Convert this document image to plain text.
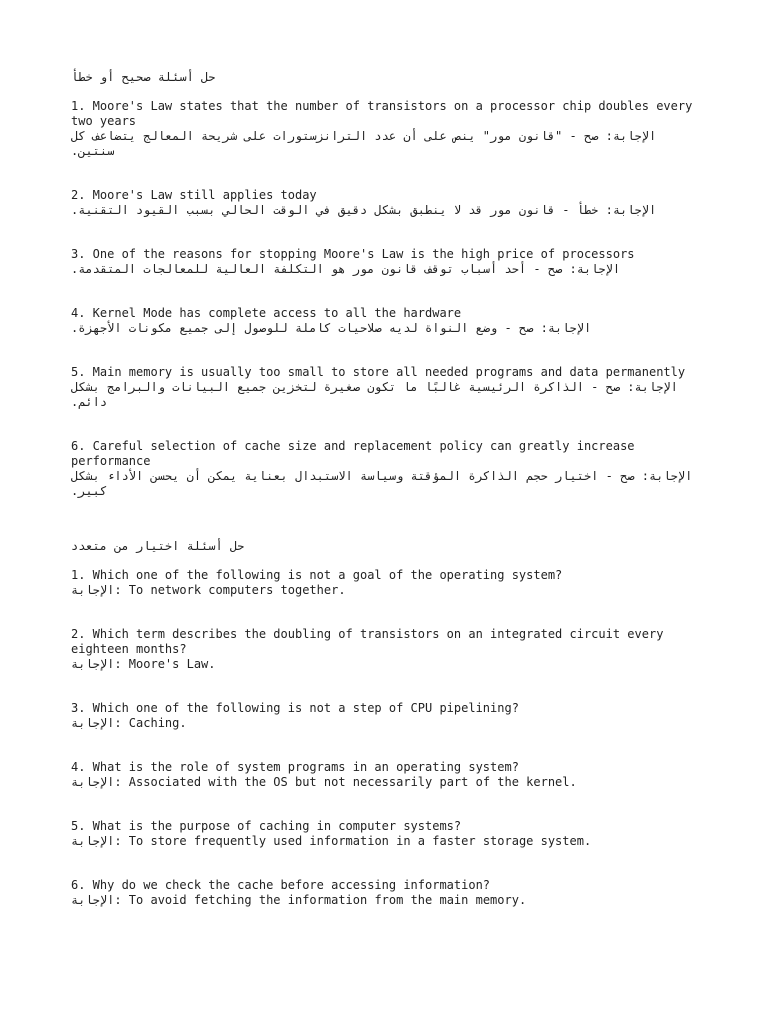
حل أسئلة صحيح أو خطأ
1. Moore's Law states that the number of transistors on a processor chip doubles every two years
الإجابة: صح - "قانون مور" ينص على أن عدد الترانزستورات على شريحة المعالج يتضاعف كل سنتين.
2. Moore's Law still applies today
الإجابة: خطأ - قانون مور قد لا ينطبق بشكل دقيق في الوقت الحالي بسبب القيود التقنية.
3. One of the reasons for stopping Moore's Law is the high price of processors
الإجابة: صح - أحد أسباب توقف قانون مور هو التكلفة العالية للمعالجات المتقدمة.
4. Kernel Mode has complete access to all the hardware
الإجابة: صح - وضع النواة لديه صلاحيات كاملة للوصول إلى جميع مكونات الأجهزة.
5. Main memory is usually too small to store all needed programs and data permanently
الإجابة: صح - الذاكرة الرئيسية غالبًا ما تكون صغيرة لتخزين جميع البيانات والبرامج بشكل دائم.
6. Careful selection of cache size and replacement policy can greatly increase performance
الإجابة: صح - اختيار حجم الذاكرة المؤقتة وسياسة الاستبدال بعناية يمكن أن يحسن الأداء بشكل كبير.
حل أسئلة اختيار من متعدد
1. Which one of the following is not a goal of the operating system?
الإجابة: To network computers together.
2. Which term describes the doubling of transistors on an integrated circuit every eighteen months?
الإجابة: Moore's Law.
3. Which one of the following is not a step of CPU pipelining?
الإجابة: Caching.
4. What is the role of system programs in an operating system?
الإجابة: Associated with the OS but not necessarily part of the kernel.
5. What is the purpose of caching in computer systems?
الإجابة: To store frequently used information in a faster storage system.
6. Why do we check the cache before accessing information?
الإجابة: To avoid fetching the information from the main memory.
